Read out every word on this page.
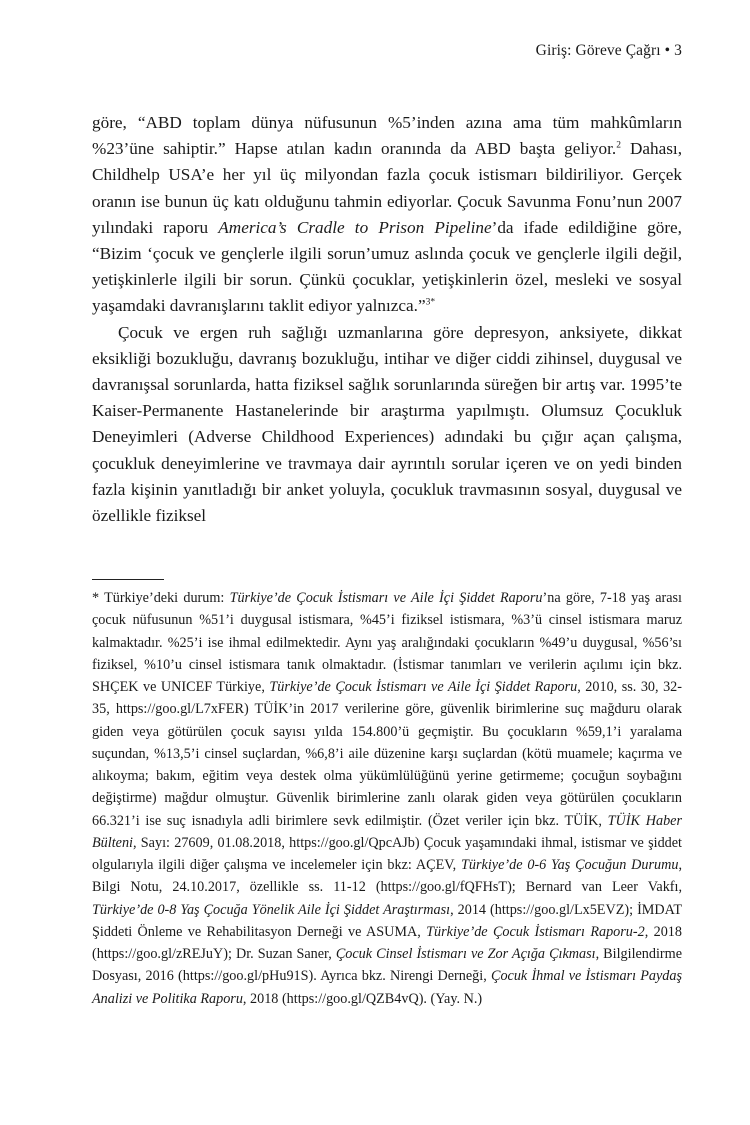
Giriş: Göreve Çağrı • 3

göre, “ABD toplam dünya nüfusunun %5’inden azına ama tüm mahkûmların %23’üne sahiptir.” Hapse atılan kadın oranında da ABD başta geliyor.$^2$ Dahası, Childhelp USA’e her yıl üç milyondan fazla çocuk istismarı bildiriliyor. Gerçek oranın ise bunun üç katı olduğunu tahmin ediyorlar. Çocuk Savunma Fonu’nun 2007 yılındaki raporu America’s Cradle to Prison Pipeline’da ifade edildiğine göre, “Bizim ‘çocuk ve gençlerle ilgili sorun’umuz aslında çocuk ve gençlerle ilgili değil, yetişkinlerle ilgili bir sorun. Çünkü çocuklar, yetişkinlerin özel, mesleki ve sosyal yaşamdaki davranışlarını taklit ediyor yalnızca.”$^{3*}$

Çocuk ve ergen ruh sağlığı uzmanlarına göre depresyon, anksiyete, dikkat eksikliği bozukluğu, davranış bozukluğu, intihar ve diğer ciddi zihinsel, duygusal ve davranışsal sorunlarda, hatta fiziksel sağlık sorunlarında süreğen bir artış var. 1995’te Kaiser-Permanente Hastanelerinde bir araştırma yapılmıştı. Olumsuz Çocukluk Deneyimleri (Adverse Childhood Experiences) adındaki bu çığır açan çalışma, çocukluk deneyimlerine ve travmaya dair ayrıntılı sorular içeren ve on yedi binden fazla kişinin yanıtladığı bir anket yoluyla, çocukluk travmasının sosyal, duygusal ve özellikle fiziksel

* Türkiye’deki durum: Türkiye’de Çocuk İstismarı ve Aile İçi Şiddet Raporu’na göre, 7-18 yaş arası çocuk nüfusunun %51’i duygusal istismara, %45’i fiziksel istismara, %3’ü cinsel istismara maruz kalmaktadır. %25’i ise ihmal edilmektedir. Aynı yaş aralığındaki çocukların %49’u duygusal, %56’sı fiziksel, %10’u cinsel istismara tanık olmaktadır. (İstismar tanımları ve verilerin açılımı için bkz. SHÇEK ve UNICEF Türkiye, Türkiye’de Çocuk İstismarı ve Aile İçi Şiddet Raporu, 2010, ss. 30, 32-35, https://goo.gl/L7xFER) TÜİK’in 2017 verilerine göre, güvenlik birimlerine suç mağduru olarak giden veya götürülen çocuk sayısı yılda 154.800’ü geçmiştir. Bu çocukların %59,1’i yaralama suçundan, %13,5’i cinsel suçlardan, %6,8’i aile düzenine karşı suçlardan (kötü muamele; kaçırma ve alıkoyma; bakım, eğitim veya destek olma yükümlülüğünü yerine getirmeme; çocuğun soybağını değiştirme) mağdur olmuştur. Güvenlik birimlerine zanlı olarak giden veya götürülen çocukların 66.321’i ise suç isnadıyla adli birimlere sevk edilmiştir. (Özet veriler için bkz. TÜİK, TÜİK Haber Bülteni, Sayı: 27609, 01.08.2018, https://goo.gl/QpcAJb) Çocuk yaşamındaki ihmal, istismar ve şiddet olgularıyla ilgili diğer çalışma ve incelemeler için bkz: AÇEV, Türkiye’de 0-6 Yaş Çocuğun Durumu, Bilgi Notu, 24.10.2017, özellikle ss. 11-12 (https://goo.gl/fQFHsT); Bernard van Leer Vakfı, Türkiye’de 0-8 Yaş Çocuğa Yönelik Aile İçi Şiddet Araştırması, 2014 (https://goo.gl/Lx5EVZ); İMDAT Şiddeti Önleme ve Rehabilitasyon Derneği ve ASUMA, Türkiye’de Çocuk İstismarı Raporu-2, 2018 (https://goo.gl/zREJuY); Dr. Suzan Saner, Çocuk Cinsel İstismarı ve Zor Açığa Çıkması, Bilgilendirme Dosyası, 2016 (https://goo.gl/pHu91S). Ayrıca bkz. Nirengi Derneği, Çocuk İhmal ve İstismarı Paydaş Analizi ve Politika Raporu, 2018 (https://goo.gl/QZB4vQ). (Yay. N.)
